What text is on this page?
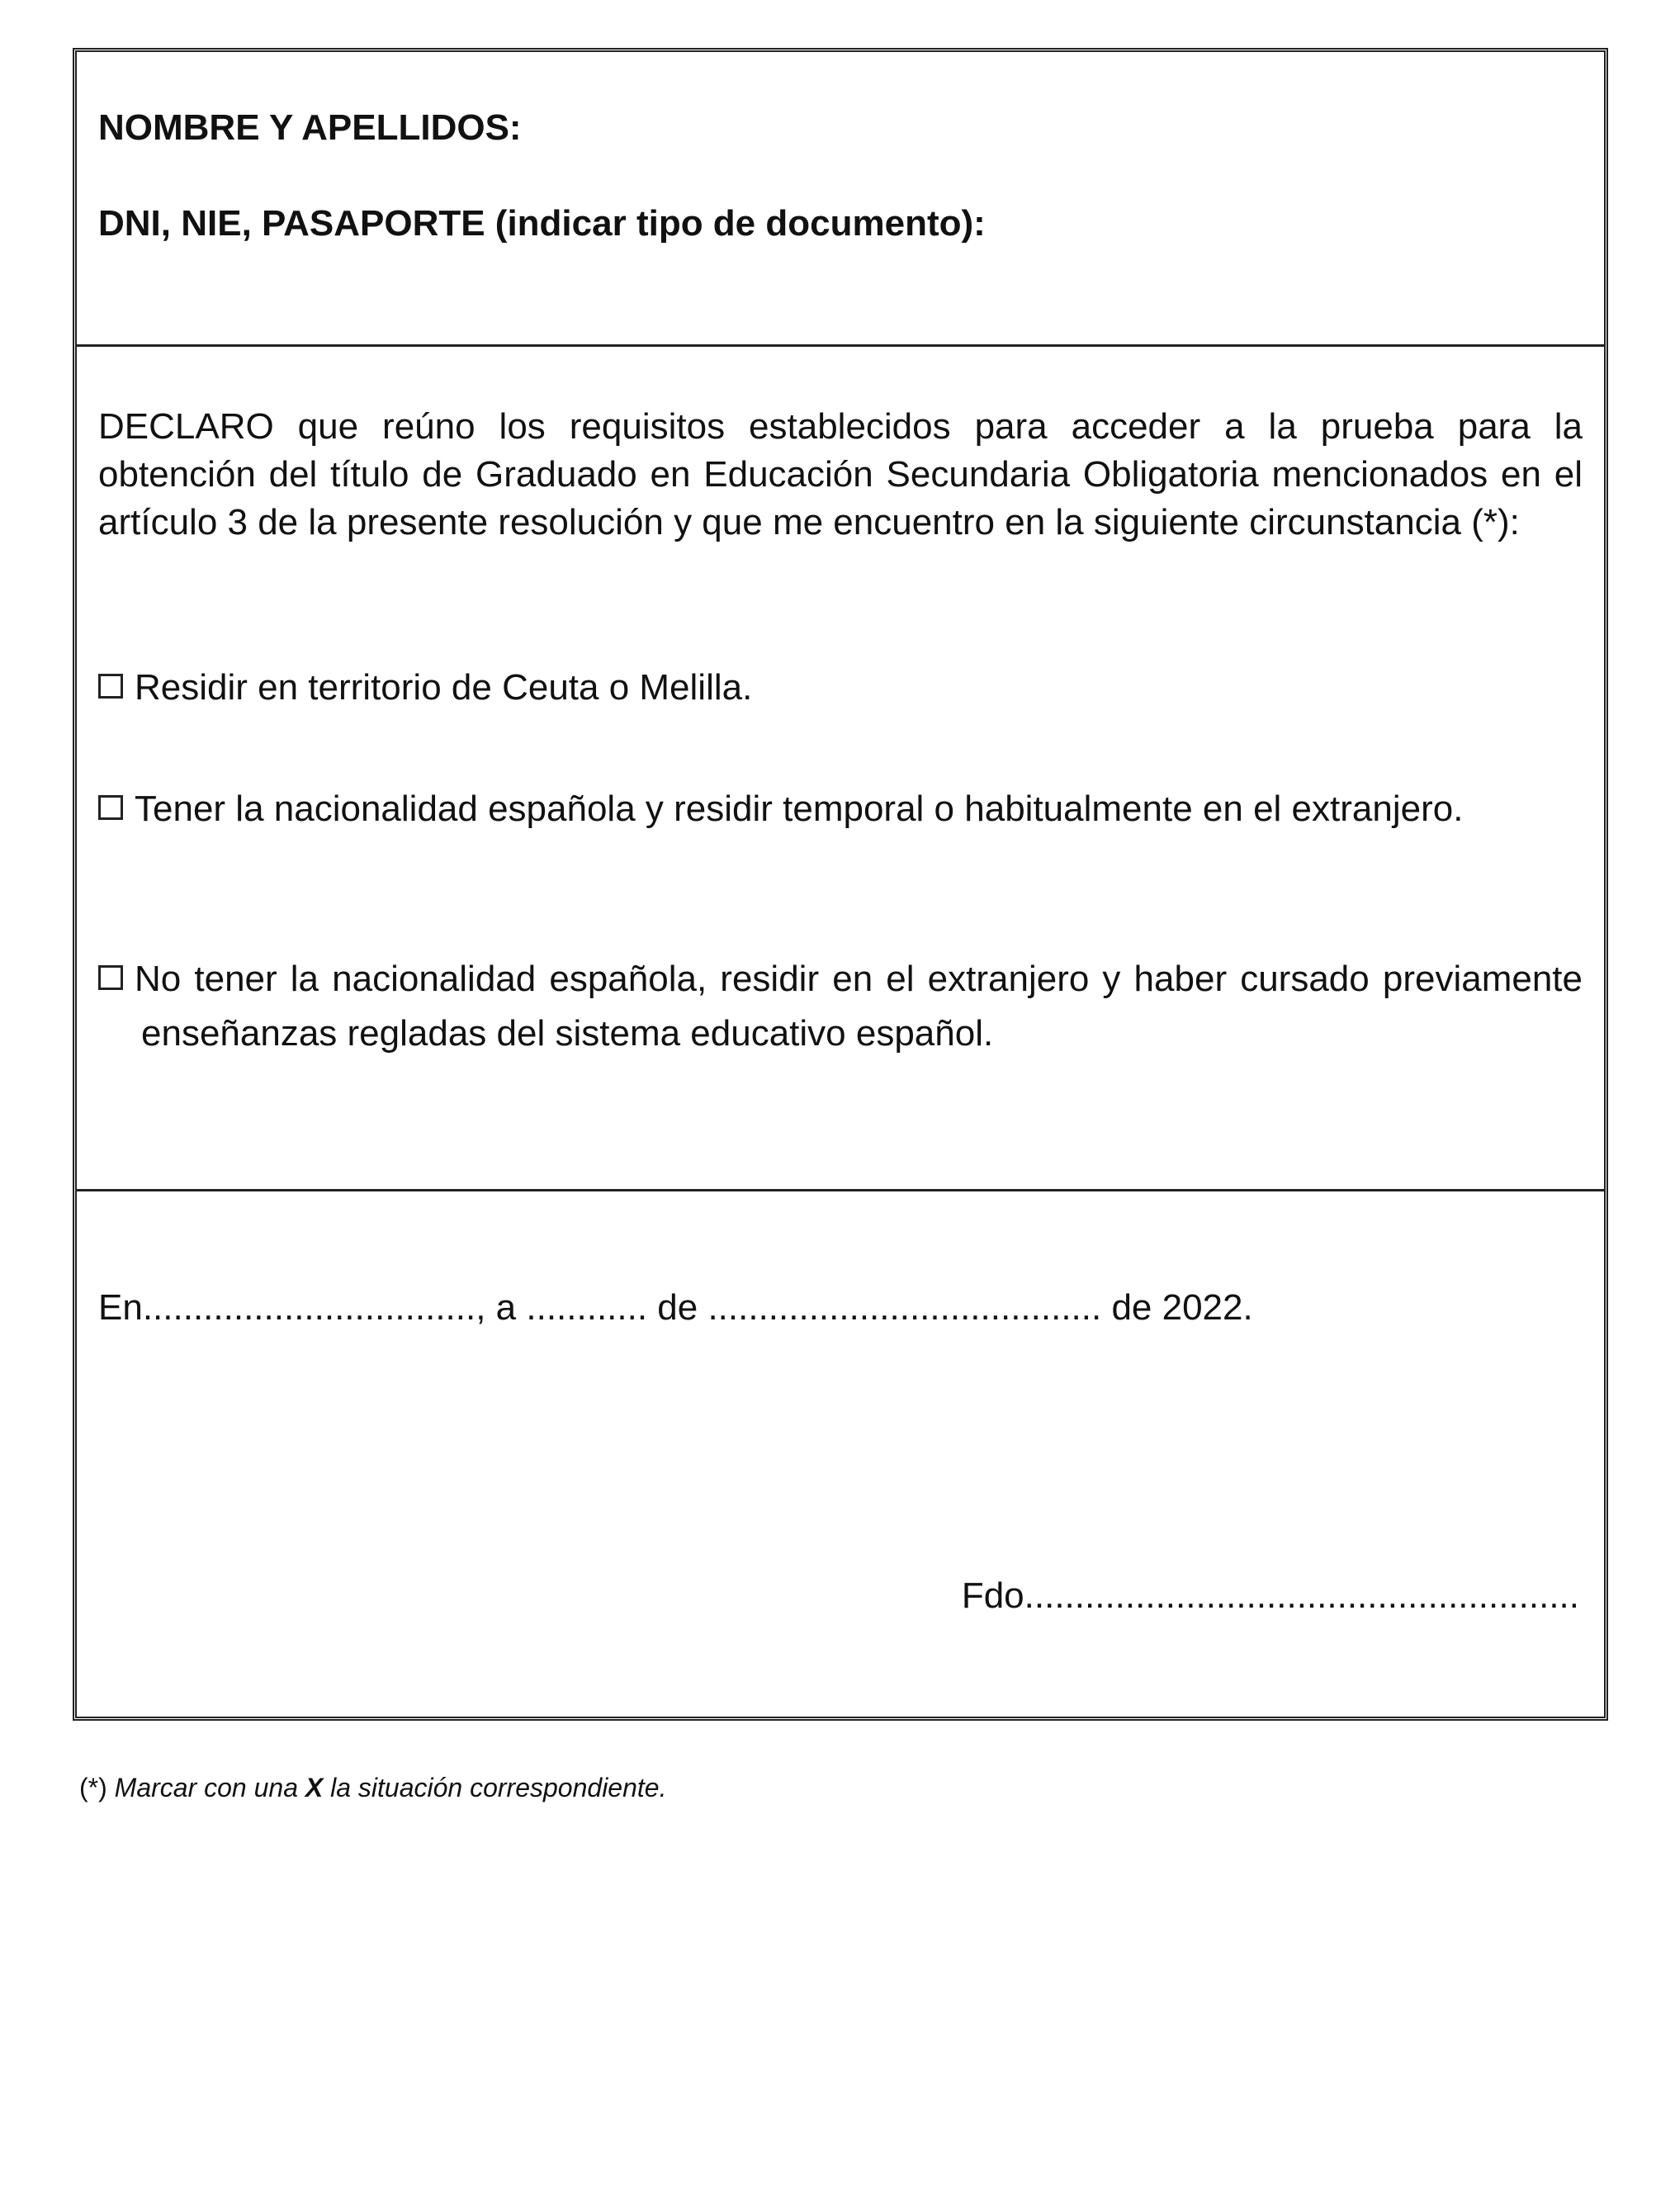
NOMBRE Y APELLIDOS:

DNI, NIE, PASAPORTE (indicar tipo de documento):

DECLARO que reúno los requisitos establecidos para acceder a la prueba para la obtención del título de Graduado en Educación Secundaria Obligatoria mencionados en el artículo 3 de la presente resolución y que me encuentro en la siguiente circunstancia (*):

Residir en territorio de Ceuta o Melilla.

Tener la nacionalidad española y residir temporal o habitualmente en el extranjero.

No tener la nacionalidad española, residir en el extranjero y haber cursado previamente enseñanzas regladas del sistema educativo español.

En................................., a ............ de ....................................... de 2022.

Fdo.......................................................

(*) Marcar con una X la situación correspondiente.
